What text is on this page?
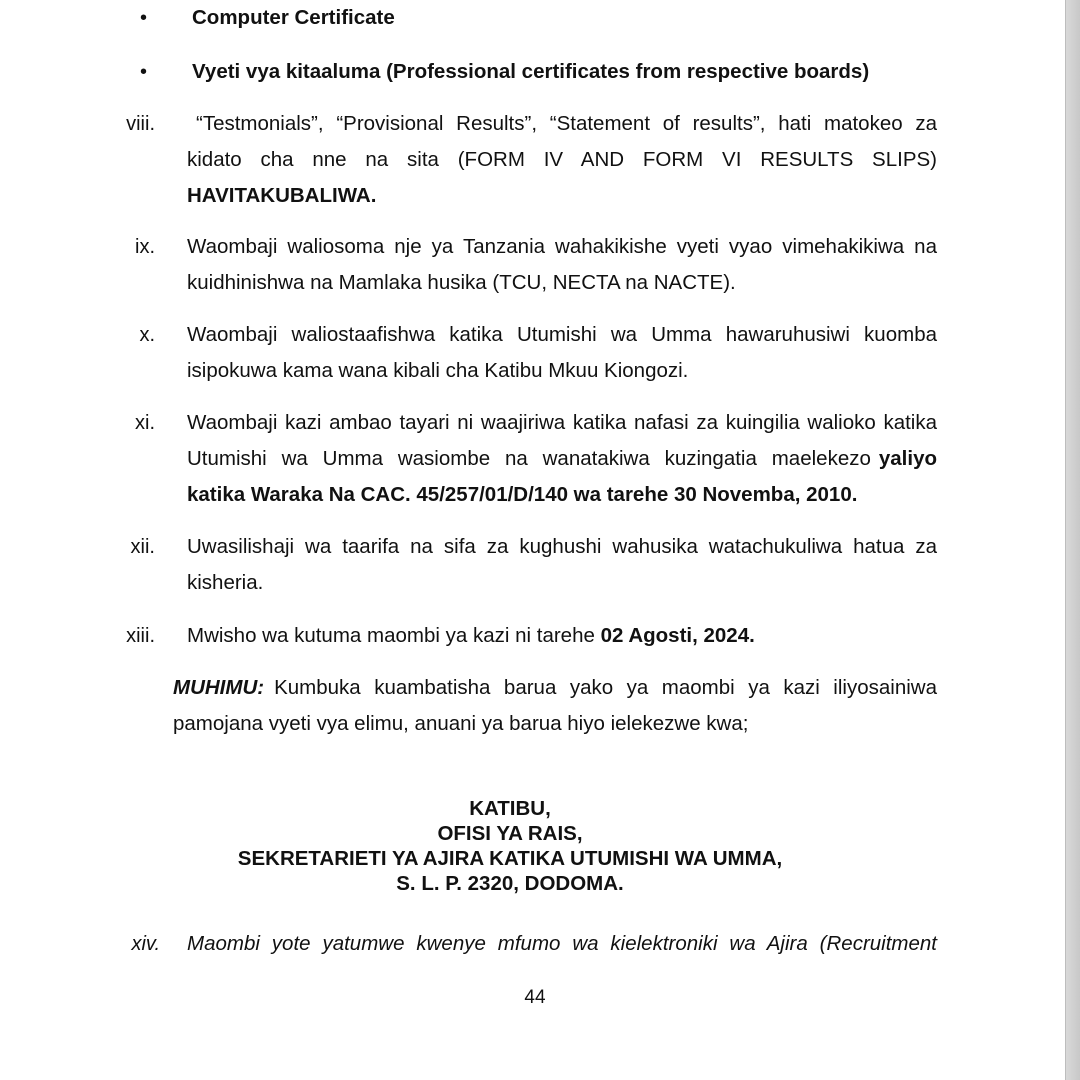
• Computer Certificate
• Vyeti vya kitaaluma (Professional certificates from respective boards)
viii. “Testmonials”, “Provisional Results”, “Statement of results”, hati matokeo za
kidato cha nne na sita (FORM IV AND FORM VI RESULTS SLIPS)
HAVITAKUBALIWA.
ix. Waombaji waliosoma nje ya Tanzania wahakikishe vyeti vyao vimehakikiwa na
kuidhinishwa na Mamlaka husika (TCU, NECTA na NACTE).
x. Waombaji waliostaafishwa katika Utumishi wa Umma hawaruhusiwi kuomba
isipokuwa kama wana kibali cha Katibu Mkuu Kiongozi.
xi. Waombaji kazi ambao tayari ni waajiriwa katika nafasi za kuingilia walioko katika
Utumishi wa Umma wasiombe na wanatakiwa kuzingatia maelekezo yaliyo
katika Waraka Na CAC. 45/257/01/D/140 wa tarehe 30 Novemba, 2010.
xii. Uwasilishaji wa taarifa na sifa za kughushi wahusika watachukuliwa hatua za
kisheria.
xiii. Mwisho wa kutuma maombi ya kazi ni tarehe 02 Agosti, 2024.
MUHIMU: Kumbuka kuambatisha barua yako ya maombi ya kazi iliyosainiwa
pamojana vyeti vya elimu, anuani ya barua hiyo ielekezwe kwa;
KATIBU,
OFISI YA RAIS,
SEKRETARIETI YA AJIRA KATIKA UTUMISHI WA UMMA,
S. L. P. 2320, DODOMA.
xiv. Maombi yote yatumwe kwenye mfumo wa kielektroniki wa Ajira (Recruitment
44
